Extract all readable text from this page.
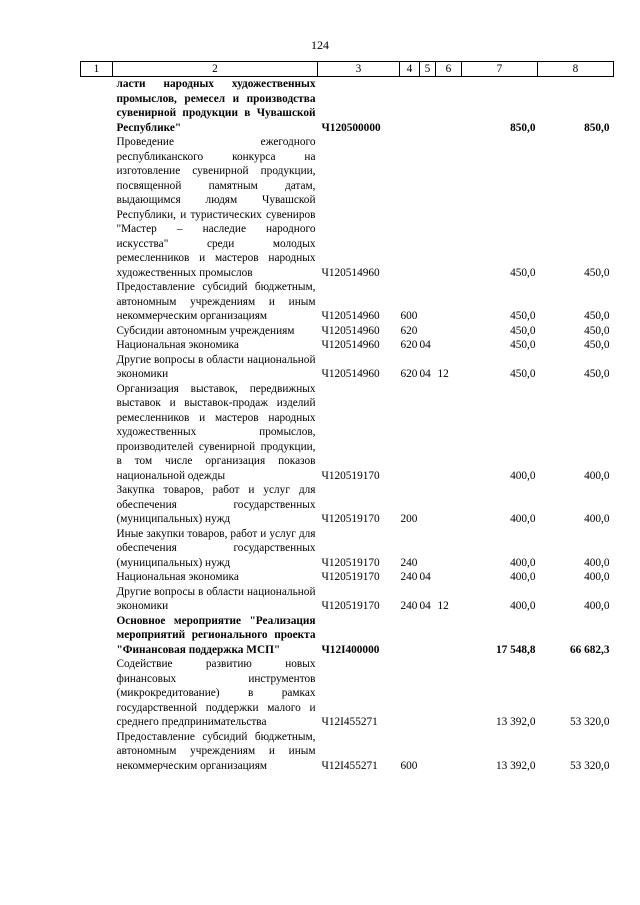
124
1	2	3	4	5	6	7	8
	ласти народных художественных промыслов, ремесел и производства сувенирной продукции в Чувашской Республике"	Ч120500000				850,0	850,0
	Проведение ежегодного республиканского конкурса на изготовление сувенирной продукции, посвященной памятным датам, выдающимся людям Чувашской Республики, и туристических сувениров "Мастер – наследие народного искусства" среди молодых ремесленников и мастеров народных художественных промыслов	Ч120514960				450,0	450,0
	Предоставление субсидий бюджетным, автономным учреждениям и иным некоммерческим организациям	Ч120514960	600			450,0	450,0
	Субсидии автономным учреждениям	Ч120514960	620			450,0	450,0
	Национальная экономика	Ч120514960	620	04		450,0	450,0
	Другие вопросы в области национальной экономики	Ч120514960	620	04	12	450,0	450,0
	Организация выставок, передвижных выставок и выставок-продаж изделий ремесленников и мастеров народных художественных промыслов, производителей сувенирной продукции, в том числе организация показов национальной одежды	Ч120519170				400,0	400,0
	Закупка товаров, работ и услуг для обеспечения государственных (муниципальных) нужд	Ч120519170	200			400,0	400,0
	Иные закупки товаров, работ и услуг для обеспечения государственных (муниципальных) нужд	Ч120519170	240			400,0	400,0
	Национальная экономика	Ч120519170	240	04		400,0	400,0
	Другие вопросы в области национальной экономики	Ч120519170	240	04	12	400,0	400,0
	Основное мероприятие "Реализация мероприятий регионального проекта "Финансовая поддержка МСП"	Ч12I400000				17 548,8	66 682,3
	Содействие развитию новых финансовых инструментов (микрокредитование) в рамках государственной поддержки малого и среднего предпринимательства	Ч12I455271				13 392,0	53 320,0
	Предоставление субсидий бюджетным, автономным учреждениям и иным некоммерческим организациям	Ч12I455271	600			13 392,0	53 320,0
